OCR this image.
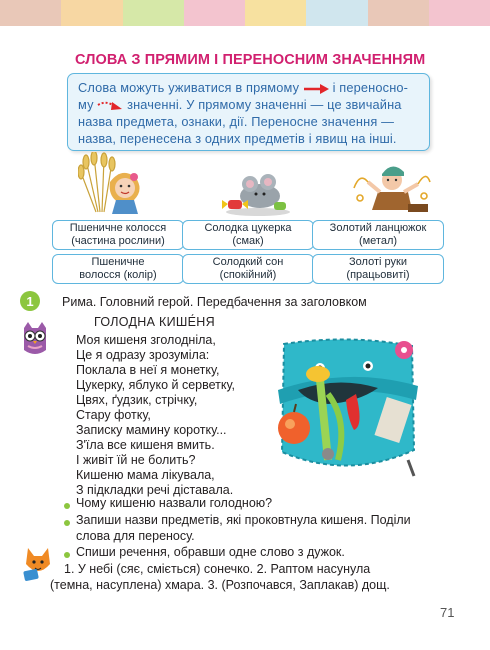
СЛОВА З ПРЯМИМ І ПЕРЕНОСНИМ ЗНАЧЕННЯМ
Слова можуть уживатися в прямому	і переносно-
му	значенні. У прямому значенні — це звичайна
назва предмета, ознаки, дії. Переносне значення —
назва, перенесена з одних предметів і явищ на інші.
Пшеничне колосся
(частина рослини)
Солодка цукерка
(смак)
Золотий ланцюжок
(метал)
Пшеничне
волосся (колір)
Солодкий сон
(спокійний)
Золоті руки
(працьовиті)
1	Рима. Головний герой. Передбачення за заголовком
ГОЛОДНА КИШЕ́НЯ
Моя кишеня зголодніла,
Це я одразу зрозуміла:
Поклала в неї я монетку,
Цукерку, яблуко й серветку,
Цвях, ґудзик, стрічку,
Стару фотку,
Записку мамину коротку...
З'їла все кишеня вмить.
І живіт їй не болить?
Кишеню мама лікувала,
З підкладки речі діставала.
Чому кишеню назвали голодною?
Запиши назви предметів, які проковтнула кишеня. Поділи
слова для переносу.
Спиши речення, обравши одне слово з дужок.
1. У небі (сяє, сміється) сонечко. 2. Раптом насунула
(темна, насуплена) хмара. 3. (Розпочався, Заплакав) дощ.
71
